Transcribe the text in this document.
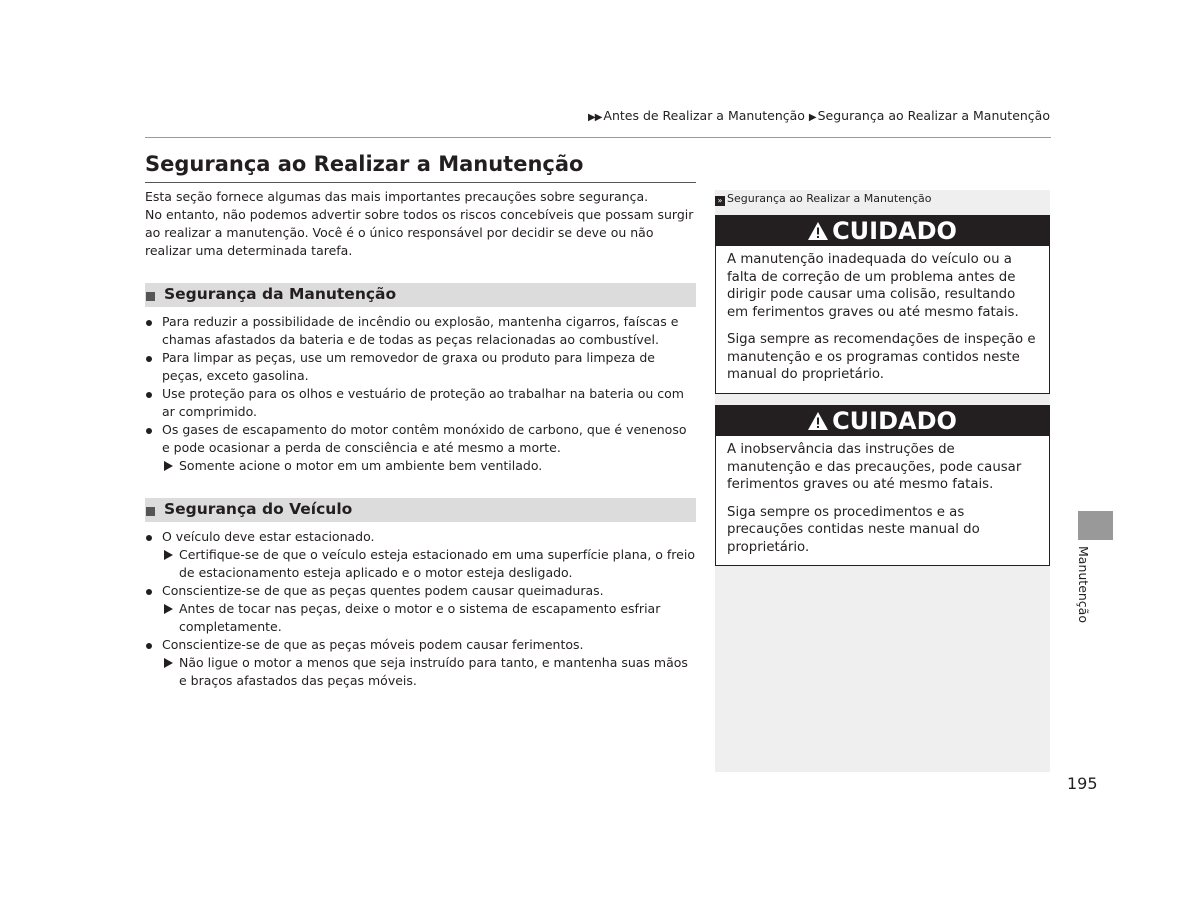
▶▶ Antes de Realizar a Manutenção ▶ Segurança ao Realizar a Manutenção
Segurança ao Realizar a Manutenção

Esta seção fornece algumas das mais importantes precauções sobre segurança.
No entanto, não podemos advertir sobre todos os riscos concebíveis que possam surgir ao realizar a manutenção. Você é o único responsável por decidir se deve ou não realizar uma determinada tarefa.

Segurança da Manutenção
Para reduzir a possibilidade de incêndio ou explosão, mantenha cigarros, faíscas e chamas afastados da bateria e de todas as peças relacionadas ao combustível.
Para limpar as peças, use um removedor de graxa ou produto para limpeza de peças, exceto gasolina.
Use proteção para os olhos e vestuário de proteção ao trabalhar na bateria ou com ar comprimido.
Os gases de escapamento do motor contêm monóxido de carbono, que é venenoso e pode ocasionar a perda de consciência e até mesmo a morte.
Somente acione o motor em um ambiente bem ventilado.
Segurança do Veículo
O veículo deve estar estacionado.
Certifique-se de que o veículo esteja estacionado em uma superfície plana, o freio de estacionamento esteja aplicado e o motor esteja desligado.
Conscientize-se de que as peças quentes podem causar queimaduras.
Antes de tocar nas peças, deixe o motor e o sistema de escapamento esfriar completamente.
Conscientize-se de que as peças móveis podem causar ferimentos.
Não ligue o motor a menos que seja instruído para tanto, e mantenha suas mãos e braços afastados das peças móveis.
» Segurança ao Realizar a Manutenção
CUIDADO

A manutenção inadequada do veículo ou a falta de correção de um problema antes de dirigir pode causar uma colisão, resultando em ferimentos graves ou até mesmo fatais.

Siga sempre as recomendações de inspeção e manutenção e os programas contidos neste manual do proprietário.

CUIDADO

A inobservância das instruções de manutenção e das precauções, pode causar ferimentos graves ou até mesmo fatais.

Siga sempre os procedimentos e as precauções contidas neste manual do proprietário.	Manutenção
195
